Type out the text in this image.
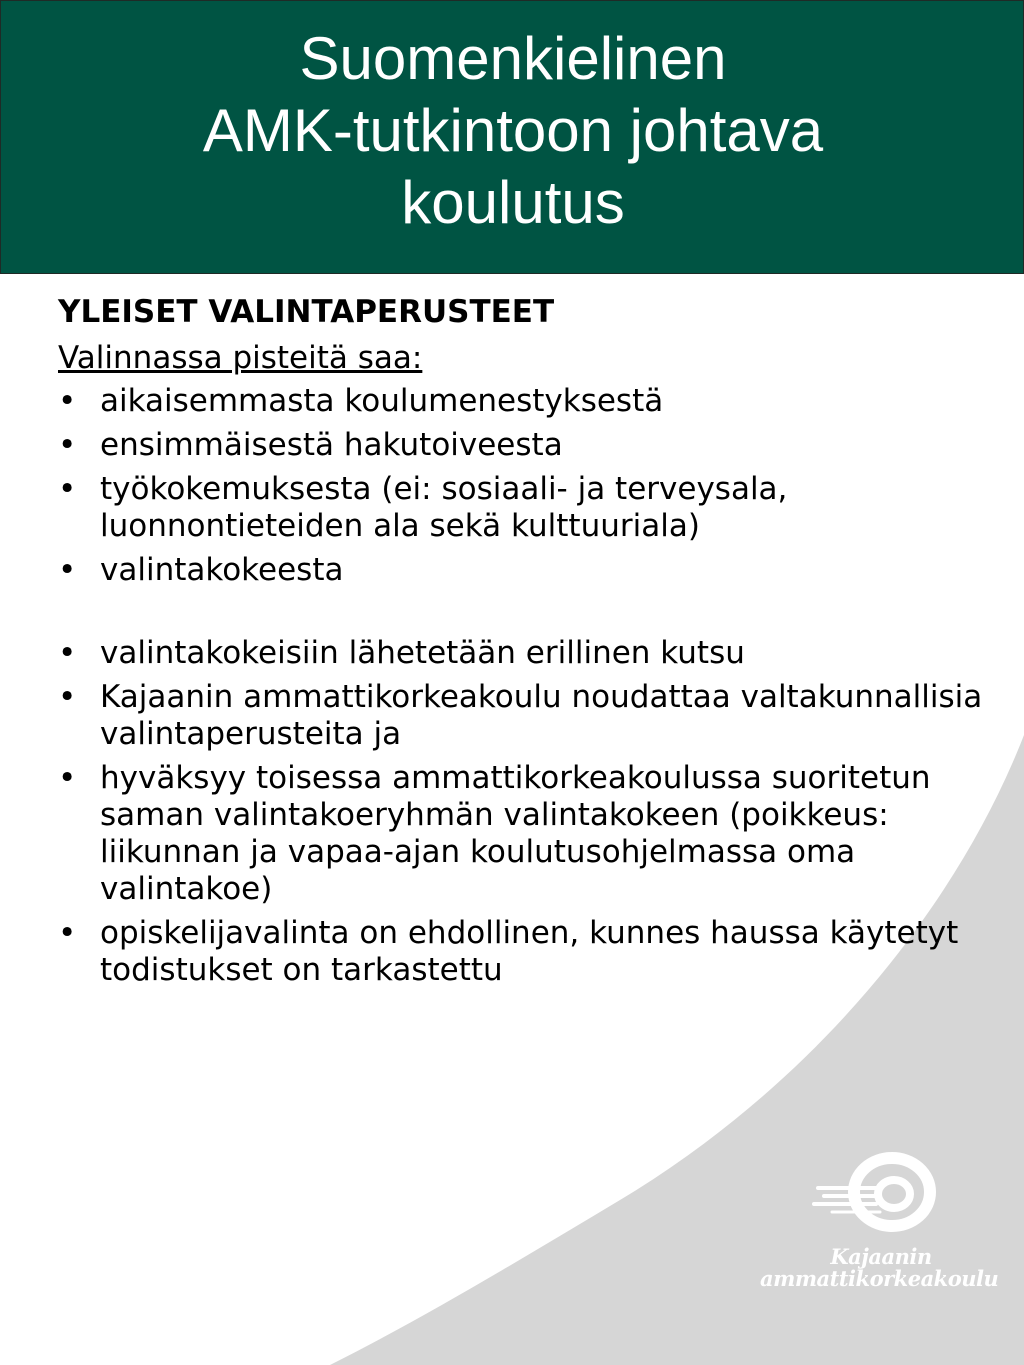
Suomenkielinen
AMK-tutkintoon johtava
koulutus
YLEISET VALINTAPERUSTEET
Valinnassa pisteitä saa:
• aikaisemmasta koulumenestyksestä
• ensimmäisestä hakutoiveesta
• työkokemuksesta (ei: sosiaali- ja terveysala, luonnontieteiden ala sekä kulttuuriala)
• valintakokeesta
• valintakokeisiin lähetetään erillinen kutsu
• Kajaanin ammattikorkeakoulu noudattaa valtakunnallisia valintaperusteita ja
• hyväksyy toisessa ammattikorkeakoulussa suoritetun saman valintakoeryhmän valintakokeen (poikkeus: liikunnan ja vapaa-ajan koulutusohjelmassa oma valintakoe)
• opiskelijavalinta on ehdollinen, kunnes haussa käytetyt todistukset on tarkastettu
Kajaanin
ammattikorkeakoulu
